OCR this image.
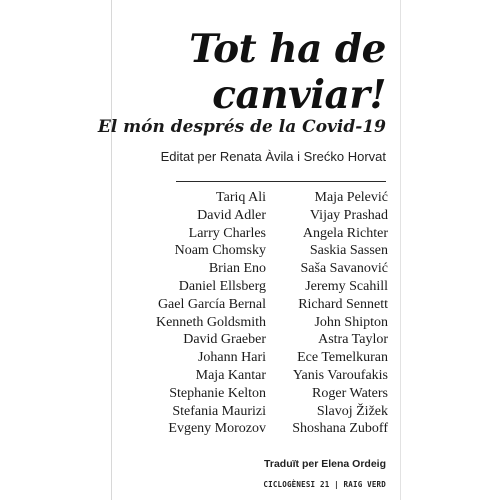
Tot ha de
canviar!
El món després de la Covid-19
Editat per Renata Àvila i Srećko Horvat
Tariq Ali
David Adler
Larry Charles
Noam Chomsky
Brian Eno
Daniel Ellsberg
Gael García Bernal
Kenneth Goldsmith
David Graeber
Johann Hari
Maja Kantar
Stephanie Kelton
Stefania Maurizi
Evgeny Morozov
Maja Pelević
Vijay Prashad
Angela Richter
Saskia Sassen
Saša Savanović
Jeremy Scahill
Richard Sennett
John Shipton
Astra Taylor
Ece Temelkuran
Yanis Varoufakis
Roger Waters
Slavoj Žižek
Shoshana Zuboff
Traduït per Elena Ordeig
CICLOGÈNESI 21 | RAIG VERD
